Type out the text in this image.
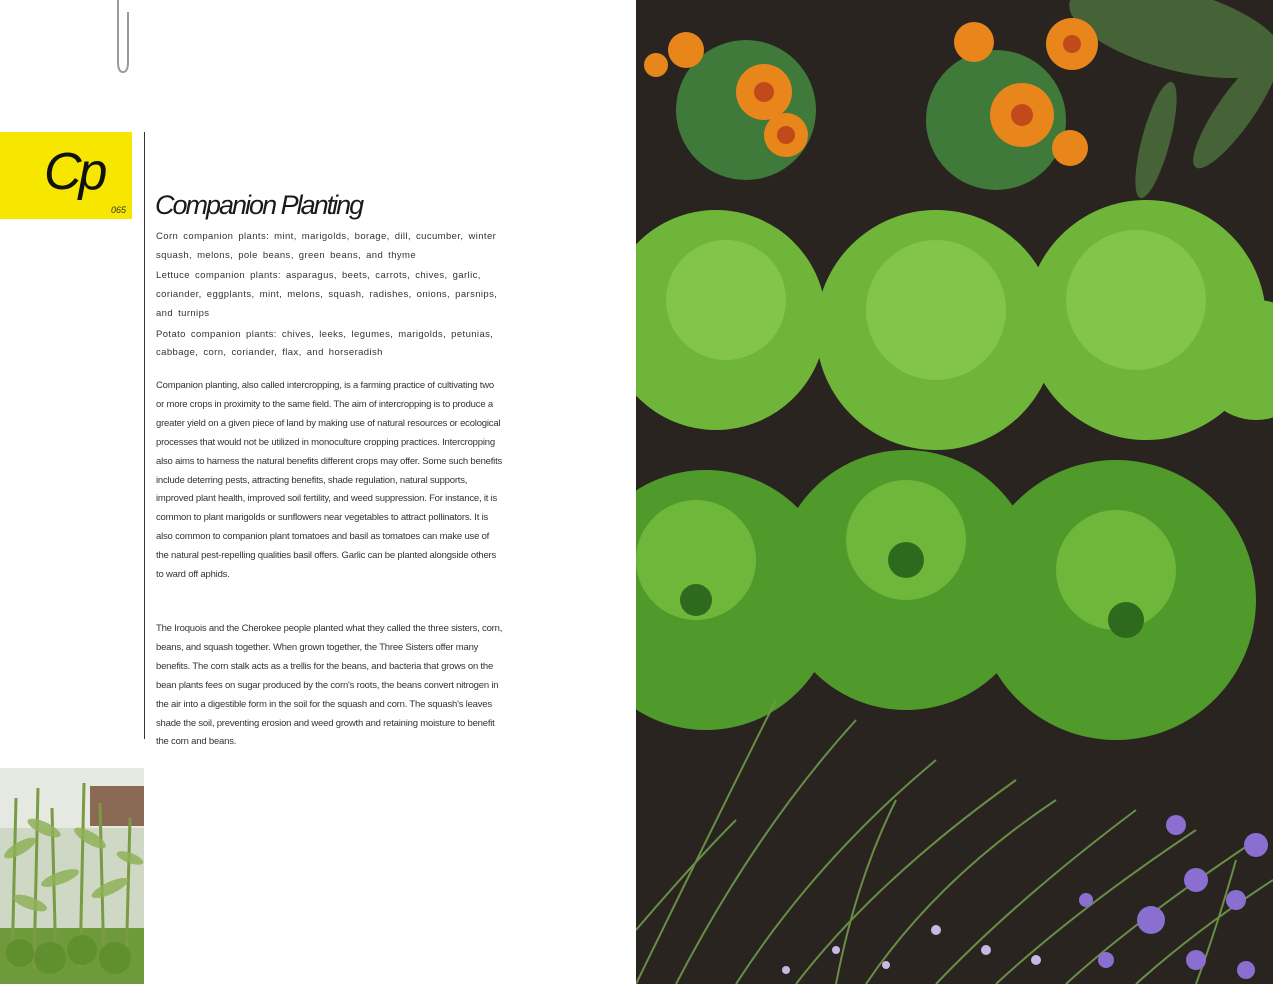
Cp
065 Companion Planting

Corn companion plants: mint, marigolds, borage, dill, cucumber, winter squash, melons, pole beans, green beans, and thyme

Lettuce companion plants: asparagus, beets, carrots, chives, garlic, coriander, eggplants, mint, melons, squash, radishes, onions, parsnips, and turnips

Potato companion plants: chives, leeks, legumes, marigolds, petunias, cabbage, corn, coriander, flax, and horseradish

Companion planting, also called intercropping, is a farming practice of cultivating two or more crops in proximity to the same field. The aim of intercropping is to produce a greater yield on a given piece of land by making use of natural resources or ecological processes that would not be utilized in monoculture cropping practices. Intercropping also aims to harness the natural benefits different crops may offer. Some such benefits include deterring pests, attracting benefits, shade regulation, natural supports, improved plant health, improved soil fertility, and weed suppression. For instance, it is common to plant marigolds or sunflowers near vegetables to attract pollinators. It is also common to companion plant tomatoes and basil as tomatoes can make use of the natural pest-repelling qualities basil offers. Garlic can be planted alongside others to ward off aphids.

The Iroquois and the Cherokee people planted what they called the three sisters, corn, beans, and squash together. When grown together, the Three Sisters offer many benefits. The corn stalk acts as a trellis for the beans, and bacteria that grows on the bean plants fees on sugar produced by the corn's roots, the beans convert nitrogen in the air into a digestible form in the soil for the squash and corn. The squash's leaves shade the soil, preventing erosion and weed growth and retaining moisture to benefit the corn and beans.
